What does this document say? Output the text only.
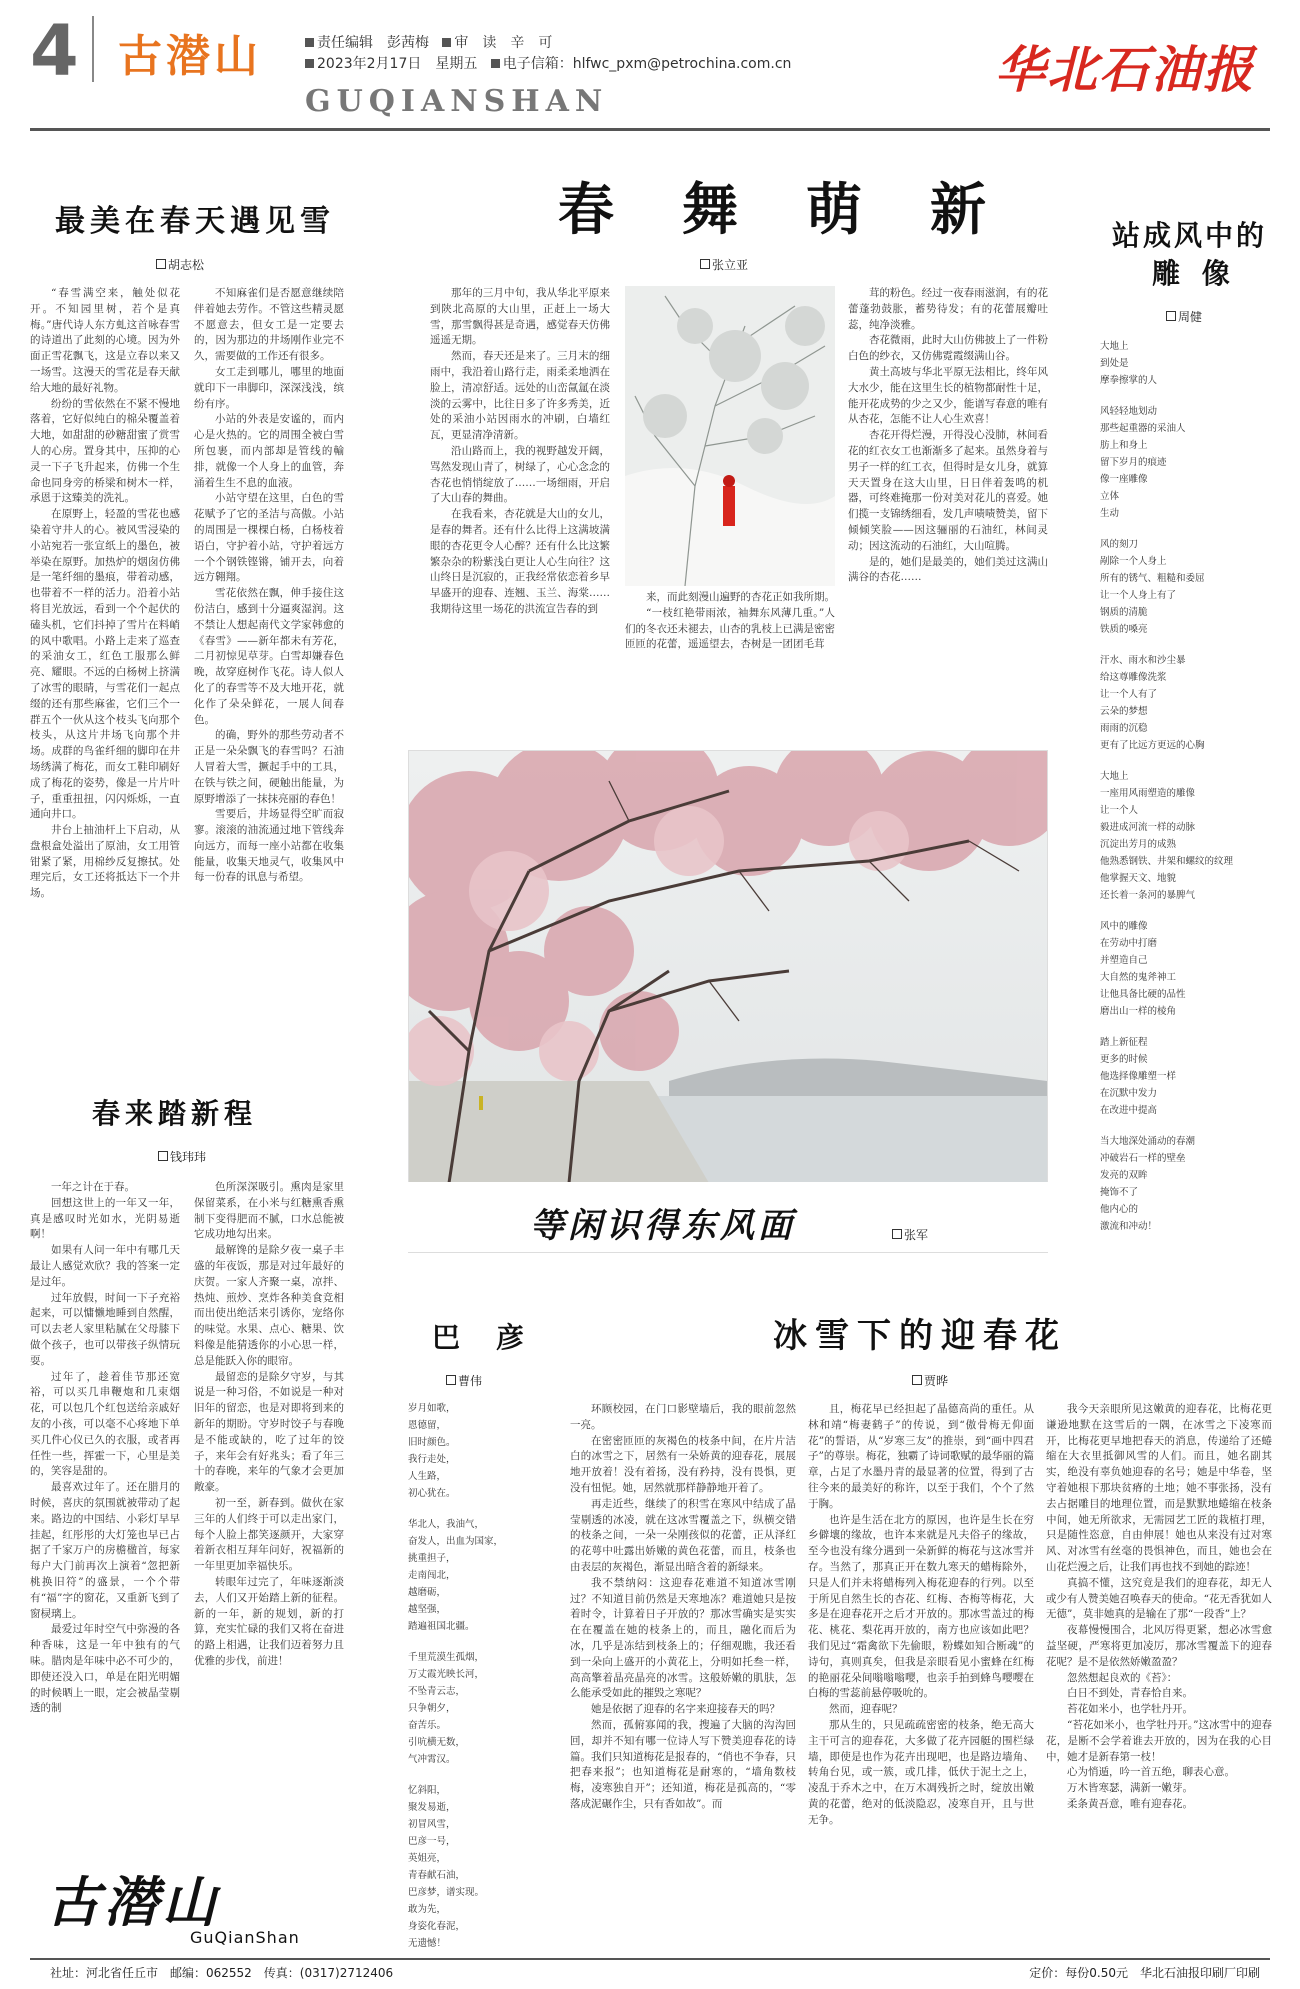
4 古潜山	责任编辑　彭茜梅 审　读　辛　可
2023年2月17日　星期五 电子信箱：hlfwc_pxm@petrochina.com.cn
GUQIANSHAN
华北石油报
最美在春天遇见雪
胡志松

“春雪满空来，触处似花开。不知园里树，若个是真梅。”唐代诗人东方虬这首咏春雪的诗道出了此刻的心境。因为外面正雪花飘飞，这是立春以来又一场雪。这漫天的雪花是春天献给大地的最好礼物。

纷纷的雪依然在不紧不慢地落着，它好似纯白的棉朵覆盖着大地，如甜甜的砂糖甜蜜了赏雪人的心房。置身其中，压抑的心灵一下子飞升起来，仿佛一个生命也同身旁的桥梁和树木一样，承恩于这臻美的洗礼。

在原野上，轻盈的雪花也感染着守井人的心。被风雪浸染的小站宛若一张宣纸上的墨色，被举染在原野。加热炉的烟囱仿佛是一笔纤细的墨痕，带着动感，也带着不一样的活力。沿着小站将目光放远，看到一个个起伏的磕头机，它们抖掉了雪片在料峭的风中歌唱。小路上走来了巡查的采油女工，红色工服那么鲜亮、耀眼。不远的白杨树上挤满了冰雪的眼睛，与雪花们一起点缀的还有那些麻雀，它们三个一群五个一伙从这个枝头飞向那个枝头，从这片井场飞向那个井场。成群的鸟雀纤细的脚印在井场绣满了梅花，而女工鞋印刷好成了梅花的姿势，像是一片片叶子，重重扭扭，闪闪烁烁，一直通向井口。

井台上抽油杆上下启动，从盘根盒处溢出了原油，女工用管钳紧了紧，用棉纱反复擦拭。处理完后，女工还将抵达下一个井场。

不知麻雀们是否愿意继续陪伴着她去劳作。不管这些精灵愿不愿意去，但女工是一定要去的，因为那边的井场刚作业完不久，需要做的工作还有很多。

女工走到哪儿，哪里的地面就印下一串脚印，深深浅浅，缤纷有序。

小站的外表是安谧的，而内心是火热的。它的周围全被白雪所包裹，而内部却是管线的輸排，就像一个人身上的血管，奔涌着生生不息的血液。

小站守望在这里，白色的雪花赋予了它的圣洁与高傲。小站的周围是一棵棵白杨，白杨枝着语白，守护着小站，守护着远方一个个钢铁铿锵，铺开去，向着远方翱翔。

雪花依然在飘，伸手接住这份洁白，感到十分逼爽湿润。这不禁让人想起南代文学家韩愈的《春雪》——新年都未有芳花，二月初惊见草芽。白雪却嫌春色晚，故穿庭树作飞花。诗人似人化了的春雪等不及大地开花，就化作了朵朵鲜花，一展人间春色。

的确，野外的那些劳动者不正是一朵朵飘飞的春雪吗？石油人冒着大雪，撅起手中的工具，在铁与铁之间，硬触出能量，为原野增添了一抹抹亮丽的春色！

雪要后，井场显得空旷而寂寥。滚滚的油流通过地下管线奔向远方，而每一座小站都在收集能量，收集天地灵气，收集风中每一份春的讯息与希望。

春来踏新程
钱玮玮

一年之计在于春。

回想这世上的一年又一年，真是感叹时光如水，光阴易逝啊！

如果有人问一年中有哪几天最让人感觉欢欣？我的答案一定是过年。

过年放假，时间一下子充裕起来，可以慵懒地睡到自然醒，可以去老人家里粘腻在父母膝下做个孩子，也可以带孩子纵情玩耍。

过年了，趁着佳节那还宽裕，可以买几串鞭炮和几束烟花，可以包几个红包送给亲戚好友的小孩，可以毫不心疼地下单买几件心仪已久的衣服，或者再任性一些，挥霍一下，心里是美的，笑容是甜的。

最喜欢过年了。还在腊月的时候，喜庆的氛围就被带动了起来。路边的中国结、小彩灯早早挂起，红彤彤的大灯笼也早已占据了千家万户的房檐楹首，每家每户大门前再次上演着“忽把新桃换旧符”的盛景，一个个带有“福”字的窗花，又重新飞到了窗棂璃上。

最爱过年时空气中弥漫的各种香味，这是一年中独有的气味。腊肉是年味中必不可少的，即使还没入口，单是在阳光明媚的时候晒上一眼，定会被晶莹剔透的制

色所深深吸引。熏肉是家里保留菜系，在小米与红糖熏香熏制下变得肥而不腻，口水总能被它成功地勾出来。

最解馋的是除夕夜一桌子丰盛的年夜饭，那是对过年最好的庆贺。一家人齐聚一桌，凉拌、热炖、煎炒、烹炸各种美食竞相而出使出绝活来引诱你，宠络你的味觉。水果、点心、糖果、饮料像是能猜透你的小心思一样，总是能跃入你的眼帘。

最留恋的是除夕守岁，与其说是一种习俗，不如说是一种对旧年的留恋，也是对即将到来的新年的期盼。守岁时饺子与春晚是不能或缺的，吃了过年的饺子，来年会有好兆头；看了年三十的春晚，来年的气象才会更加敞豪。

初一至，新春到。做伙在家三年的人们终于可以走出家门，每个人脸上都笑逐颜开，大家穿着新衣相互拜年问好，祝福新的一年里更加幸福快乐。

转眼年过完了，年味逐渐淡去，人们又开始踏上新的征程。新的一年，新的规划，新的打算，充实忙碌的我们又将在奋进的路上相遇，让我们迈着努力且优雅的步伐，前进！

春　舞　萌　新
张立亚

那年的三月中旬，我从华北平原来到陕北高原的大山里，正赶上一场大雪，那雪飘得甚是奇遇，感觉春天仿佛遥遥无期。

然而，春天还是来了。三月末的细雨中，我沿着山路行走，雨柔柔地洒在脸上，清凉舒适。远处的山峦氤氲在淡淡的云雾中，比往日多了许多秀美，近处的采油小站因雨水的冲刷，白墙红瓦，更显清净清新。

沿山路而上，我的视野越发开阔，骂然发现山青了，树绿了，心心念念的杏花也悄悄绽放了……一场细雨，开启了大山春的舞曲。

在我看来，杏花就是大山的女儿，是春的舞者。还有什么比得上这满坡满眼的杏花更令人心醉？还有什么比这繁繁杂杂的粉紫浅白更让人心生向往？这山终日是沉寂的，正我经常依恋着乡早早盛开的迎春、连翘、玉兰、海棠……我期待这里一场花的洪流宣告春的到

来，而此刻漫山遍野的杏花正如我所期。

“一枝红艳带雨浓，袖舞东风薄几重。”人们的冬衣还未褪去，山杏的乳枝上已满是密密匝匝的花蕾，遥遥望去，杏树是一团团毛茸

茸的粉色。经过一夜春雨滋润，有的花蕾蓬勃鼓胀，蓄势待发；有的花蕾展瓣吐蕊，纯净淡雅。

杏花微雨，此时大山仿佛披上了一件粉白色的纱衣，又仿佛霓霞缀满山谷。

黄土高坡与华北平原无法相比，终年风大水少，能在这里生长的植物都耐性十足，能开花成势的少之又少，能谱写春意的唯有从杏花，怎能不让人心生欢喜！

杏花开得烂漫，开得没心没肺，林间看花的红衣女工也渐渐多了起来。虽然身着与男子一样的红工衣，但得时是女儿身，就算天天置身在这大山里，日日伴着轰鸣的机器，可终难掩那一份对美对花儿的喜爱。她们揽一支锦绣细看，发几声啧啧赞美，留下倾倾笑脸——因这骊丽的石油红，林间灵动；因这流动的石油红，大山喧腾。

是的，她们是最美的，她们美过这满山满谷的杏花……

等闲识得东风面	张军
站成风中的
雕 像
周健

大地上

到处是

摩拳擦掌的人

风轻轻地划动

那些起重器的采油人

肪上和身上

留下岁月的痕迹

像一座雕像

立体

生动

风的刻刀

剐除一个人身上

所有的锈气、粗糙和委屈

让一个人身上有了

钢质的清脆

铁质的嗓亮

汗水、雨水和沙尘暴

给这尊雕像洗浆

让一个人有了

云朵的梦想

雨雨的沉稳

更有了比远方更远的心胸

大地上

一座用风雨塑造的雕像

让一个人

毅进成河流一样的动脉

沉淀出芳月的成熟

他熟悉钢铁、井架和螺纹的纹理

他掌握天文、地貌

还长着一条河的暴脾气

风中的雕像

在劳动中打磨

并塑造自己

大自然的鬼斧神工

让他具备比硬的品性

磨出山一样的棱角

踏上新征程

更多的时候

他选择像雕塑一样

在沉默中发力

在改进中提高

当大地深处涌动的春潮

冲破岩石一样的壁垒

发亮的双眸

掩饰不了

他内心的

激流和冲动！

巴　彦
曹伟

岁月如歌，

恩德留，

旧时颜色。

我行走处，

人生路，

初心犹在。

华北人，我油气，

奋发人，出血为国家，

挑重担子，

走南闯北，

越磨砺，

越坚强，

踏遍祖国北疆。

千里荒漠生孤烟，

万丈霞光映长河，

不坠青云志，

只争朝夕，

奋苦乐。

引吭横无数，

气冲霄汉。

忆斜阳，

聚发易逝，

初冒风雪，

巴彦一号，

英姐亮，

青春献石油，

巴彦梦，谱实现。

敢为先，

身姿化春泥，

无遗憾！

冰雪下的迎春花
贾晔

环顾校园，在门口影壁墙后，我的眼前忽然一亮。

在密密匝匝的灰褐色的枝条中间，在片片洁白的冰雪之下，居然有一朵娇黄的迎春花，展展地开放着！没有着扬，没有矜持，没有畏惧，更没有忸怩。她，居然就那样静静地开着了。

再走近些，继续了的积雪在寒风中结成了晶莹剔透的冰凌，就在这冰雪覆盖之下，纵横交错的枝条之间，一朵一朵刚孩似的花蕾，正从泽红的花萼中吐露出娇嫩的黄色花蕾，而且，枝条也由表层的灰褐色，渐显出暗含着的新绿来。

我不禁纳闷：这迎春花难道不知道冰雪刚过？不知道目前仍然是天寒地冻？难道她只是按着时令，计算着日子开放的？那冰雪确实是实实在在覆盖在她的枝条上的，而且，融化而后为冰，几乎是冻结到枝条上的；仔细观瞧，我还看到一朵向上盛开的小黄花上，分明如托叁一样，高高擎着晶亮晶亮的冰雪。这般娇嫩的肌肤，怎么能承受如此的摧毁之寒呢？

她是依据了迎春的名字来迎接春天的吗？

然而，孤俯寡闻的我，搜遍了大脑的沟沟回回，却并不知有哪一位诗人写下赞美迎春花的诗篇。我们只知道梅花是报春的，“俏也不争春，只把春来报”；也知道梅花是耐寒的，“墙角数枝梅，凌寒独自开”；还知道，梅花是孤高的，“零落成泥碾作尘，只有香如故”。而

且，梅花早已经担起了晶德高尚的重任。从林和靖“梅妻鹤子”的传说，到“傲骨梅无仰面花”的誓语，从“岁寒三友”的推崇，到“画中四君子”的尊崇。梅花，独霸了诗词歌赋的最华丽的篇章，占足了水墨丹青的最显著的位置，得到了古往今来的最美好的称许，以至于我们，个个了然于胸。

也许是生活在北方的原因，也许是生长在穷乡僻壤的缘故，也许本来就是凡夫俗子的缘故，至今也没有缘分遇到一朵新鲜的梅花与这冰雪并存。当然了，那真正开在数九寒天的蜡梅除外，只是人们并未将蜡梅列入梅花迎春的行列。以至于所见自然生长的杏花、红梅、杏梅等梅花，大多是在迎春花开之后才开放的。那冰雪盖过的梅花、桃花、梨花再开放的，南方也应该如此吧？我们见过“霜禽欲下先偷眼，粉蝶如知合断魂”的诗句，真则真矣，但我是亲眼看见小蜜蜂在红梅的艳丽花朵间嗡嗡嗡嘤，也亲手拍到蜂鸟嘤嘤在白梅的雪蕊前悬停吸吮的。

然而，迎春呢？

那从生的，只见疏疏密密的枝条，绝无高大主干可言的迎春花，大多做了花卉园艇的围栏绿墙，即使是也作为花卉出现吧，也是路边墙角、转角台见，或一簇，或几排，低伏于泥土之上，凌乱于乔木之中，在万木凋残折之时，绽放出嫩黄的花蕾，绝对的低淡隐忍，凌寒自开，且与世无争。

我今天亲眼所见这嫩黄的迎春花，比梅花更谦逊地默在这雪后的一隅，在冰雪之下凌寒而开，比梅花更早地把春天的消息，传递给了还蜷缩在大衣里抵御风雪的人们。而且，她名副其实，绝没有辜负她迎春的名号；她是中华卷，坚守着她根下那块贫瘠的土地；她不事张扬，没有去占据雕目的地理位置，而是默默地蜷缩在枝条中间，她无所欲求，无需园艺工匠的栽植打理，只是随性恣意，自由伸展！她也从来没有过对寒风、对冰雪有丝毫的畏惧神色，而且，她也会在山花烂漫之后，让我们再也找不到她的踪迹！

真搞不懂，这究竟是我们的迎春花，却无人或少有人赞美她召唤春天的使命。“花无香犹如人无德”，莫非她真的是输在了那“一段香”上？

夜幕慢慢围合，北风厉得更紧，想必冰雪愈益坚硬，严寒将更加凌厉，那冰雪覆盖下的迎春花呢？是不是依然娇嫩盈盈？

忽然想起良欢的《苔》：

白日不到处，青春恰自来。

苔花如米小，也学牡丹开。

“苔花如米小，也学牡丹开。”这冰雪中的迎春花，是断不会学着谁去开放的，因为在我的心目中，她才是新春第一枝！

心为悄遁，吟一首五绝，聊表心意。

万木皆寒瑟，满新一嫩芽。

柔条黄吾意，唯有迎春花。

古潜山
GuQianShan
社址：河北省任丘市　邮编：062552　传真：(0317)2712406	定价：每份0.50元　华北石油报印刷厂印刷
